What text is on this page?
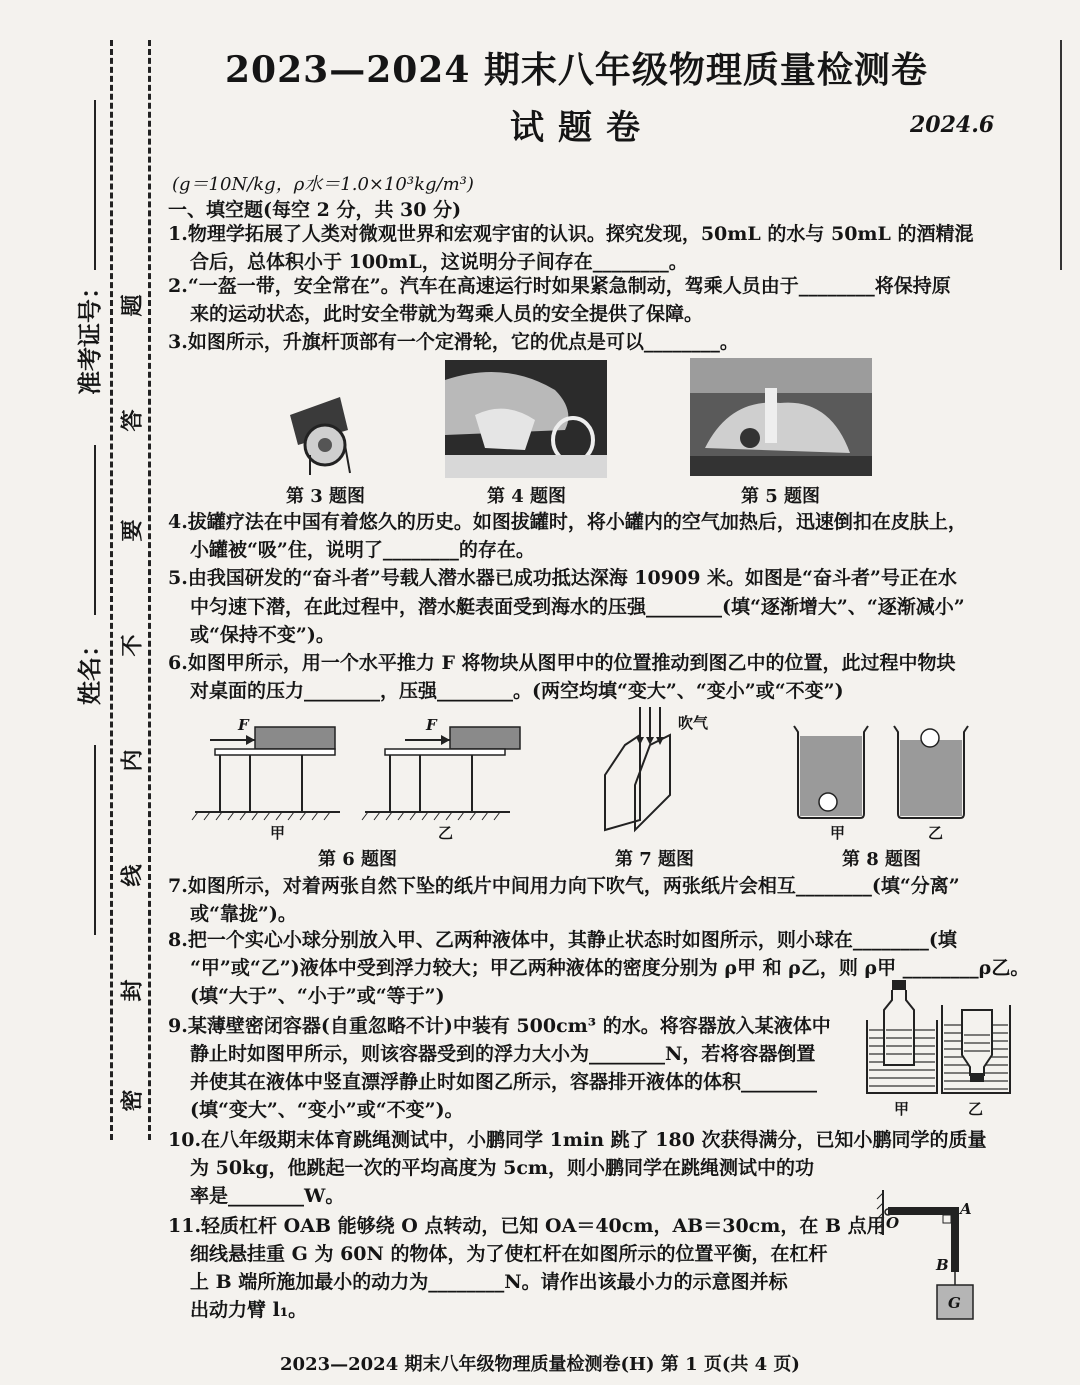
准考证号：
姓名：
题
答
要
不
内
线
封
密
2023—2024 期末八年级物理质量检测卷
试题卷	2024.6
(g＝10N/kg，ρ水＝1.0×10³kg/m³)
一、填空题(每空 2 分，共 30 分)
1.物理学拓展了人类对微观世界和宏观宇宙的认识。探究发现，50mL 的水与 50mL 的酒精混
合后，总体积小于 100mL，这说明分子间存在________。
2.“一盔一带，安全常在”。汽车在高速运行时如果紧急制动，驾乘人员由于________将保持原
来的运动状态，此时安全带就为驾乘人员的安全提供了保障。
3.如图所示，升旗杆顶部有一个定滑轮，它的优点是可以________。
第 3 题图	第 4 题图	第 5 题图
4.拔罐疗法在中国有着悠久的历史。如图拔罐时，将小罐内的空气加热后，迅速倒扣在皮肤上，
小罐被“吸”住，说明了________的存在。
5.由我国研发的“奋斗者”号载人潜水器已成功抵达深海 10909 米。如图是“奋斗者”号正在水
中匀速下潜，在此过程中，潜水艇表面受到海水的压强________(填“逐渐增大”、“逐渐减小”
或“保持不变”)。
6.如图甲所示，用一个水平推力 F 将物块从图甲中的位置推动到图乙中的位置，此过程中物块
对桌面的压力________，压强________。(两空均填“变大”、“变小”或“不变”)
F	F
甲	乙
第 6 题图
吹气
第 7 题图
甲	乙
第 8 题图
7.如图所示，对着两张自然下坠的纸片中间用力向下吹气，两张纸片会相互________(填“分离”
或“靠拢”)。
8.把一个实心小球分别放入甲、乙两种液体中，其静止状态时如图所示，则小球在________(填
“甲”或“乙”)液体中受到浮力较大；甲乙两种液体的密度分别为 ρ甲 和 ρ乙，则 ρ甲 ________ρ乙。
(填“大于”、“小于”或“等于”)
9.某薄壁密闭容器(自重忽略不计)中装有 500cm³ 的水。将容器放入某液体中
静止时如图甲所示，则该容器受到的浮力大小为________N，若将容器倒置
并使其在液体中竖直漂浮静止时如图乙所示，容器排开液体的体积________
(填“变大”、“变小”或“不变”)。	甲	乙
10.在八年级期末体育跳绳测试中，小鹏同学 1min 跳了 180 次获得满分，已知小鹏同学的质量
为 50kg，他跳起一次的平均高度为 5cm，则小鹏同学在跳绳测试中的功
率是________W。
11.轻质杠杆 OAB 能够绕 O 点转动，已知 OA＝40cm，AB＝30cm，在 B 点用
细线悬挂重 G 为 60N 的物体，为了使杠杆在如图所示的位置平衡，在杠杆
上 B 端所施加最小的动力为________N。请作出该最小力的示意图并标
出动力臂 l₁。
O
A
B
G
2023—2024 期末八年级物理质量检测卷(H) 第 1 页(共 4 页)
